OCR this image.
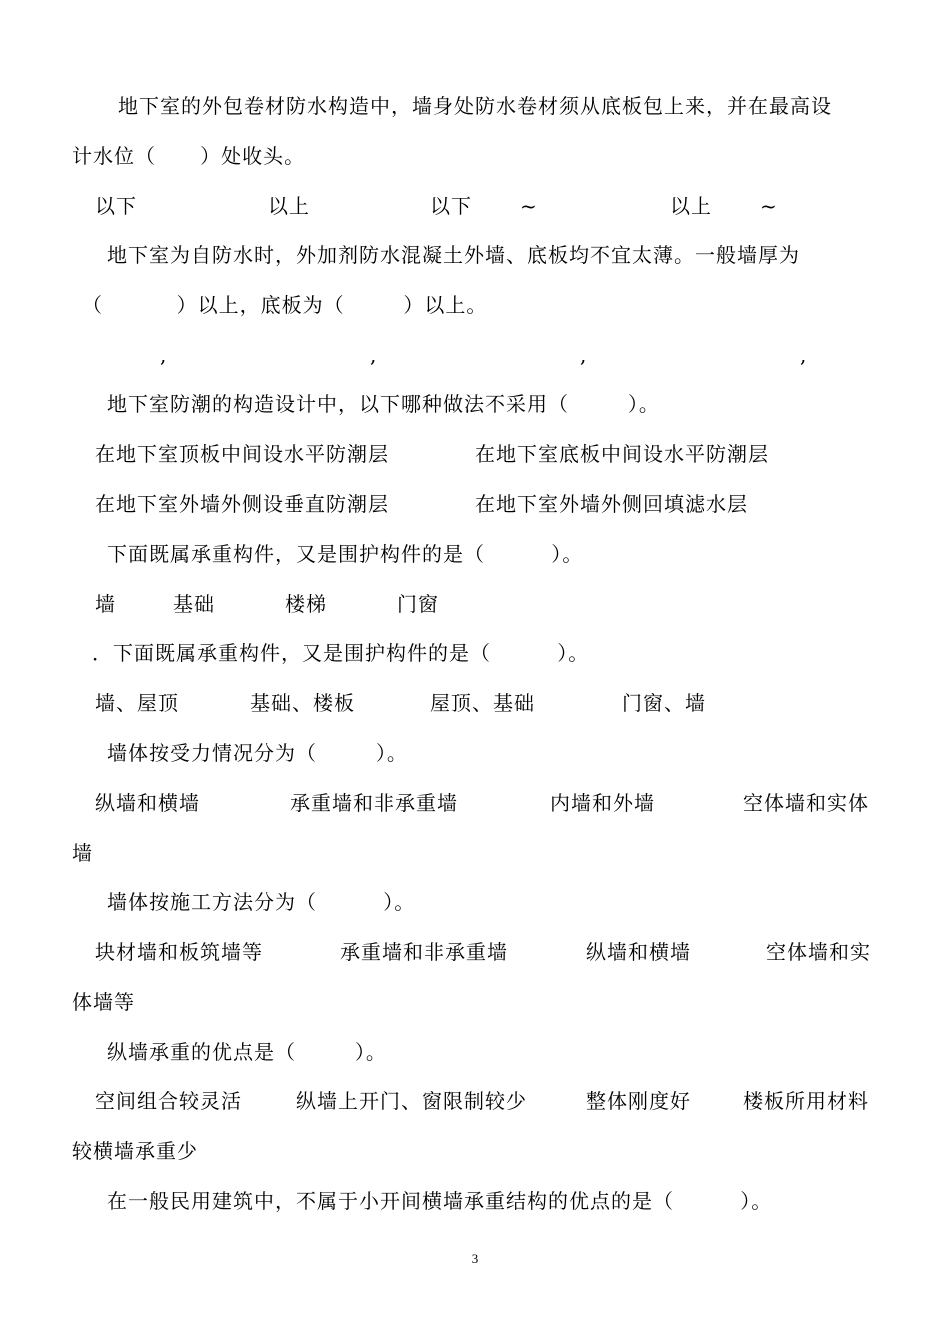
地下室的外包卷材防水构造中，墙身处防水卷材须从底板包上来，并在最高设
计水位（      ）处收头。
以下	以上	以下 ~	以上 ~
地下室为自防水时，外加剂防水混凝土外墙、底板均不宜太薄。一般墙厚为
（          ）以上，底板为（        ）以上。
,	,	,	,
地下室防潮的构造设计中，以下哪种做法不采用（        ）。
在地下室顶板中间设水平防潮层	在地下室底板中间设水平防潮层
在地下室外墙外侧设垂直防潮层	在地下室外墙外侧回填滤水层
下面既属承重构件，又是围护构件的是（         ）。
墙	基础	楼梯	门窗
．下面既属承重构件，又是围护构件的是（         ）。
墙、屋顶	基础、楼板	屋顶、基础	门窗、墙
墙体按受力情况分为（        ）。
纵墙和横墙	承重墙和非承重墙	内墙和外墙	空体墙和实体
墙
墙体按施工方法分为（         ）。
块材墙和板筑墙等	承重墙和非承重墙	纵墙和横墙	空体墙和实
体墙等
纵墙承重的优点是（        ）。
空间组合较灵活	纵墙上开门、窗限制较少	整体刚度好	楼板所用材料
较横墙承重少
在一般民用建筑中，不属于小开间横墙承重结构的优点的是（         ）。
3
